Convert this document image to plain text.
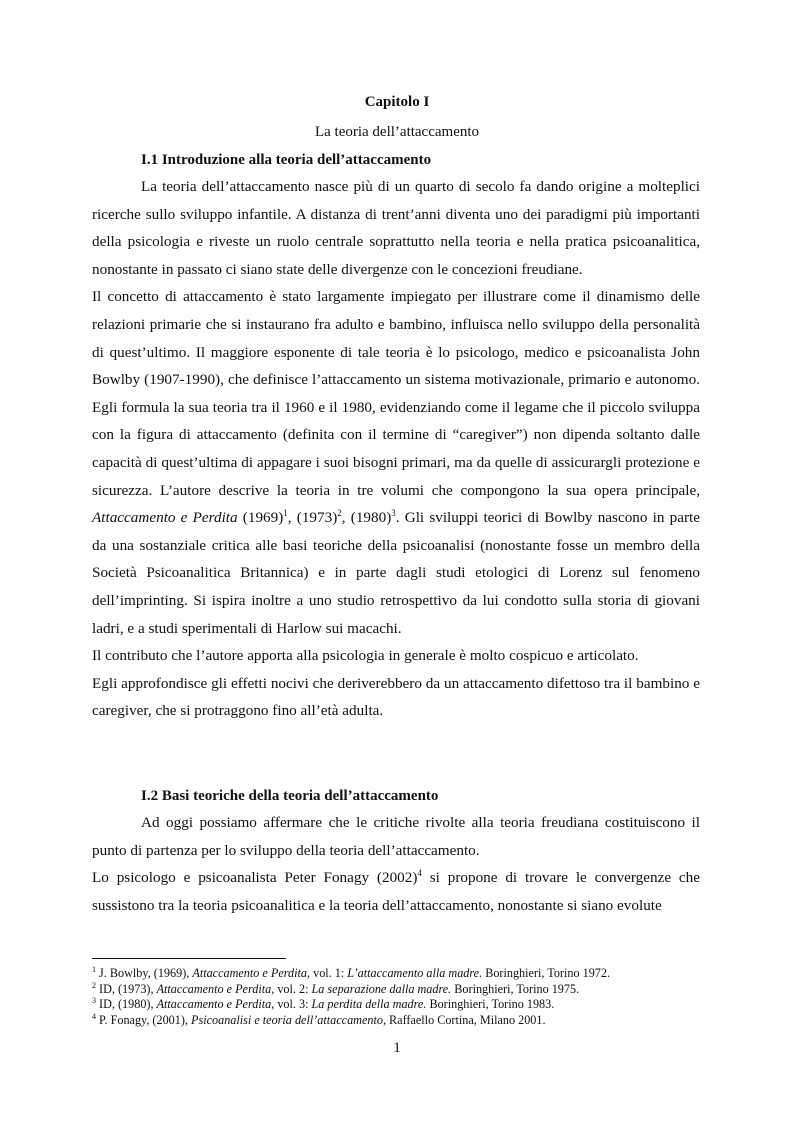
Capitolo I
La teoria dell’attaccamento
I.1 Introduzione alla teoria dell’attaccamento

La teoria dell’attaccamento nasce più di un quarto di secolo fa dando origine a molteplici ricerche sullo sviluppo infantile. A distanza di trent’anni diventa uno dei paradigmi più importanti della psicologia e riveste un ruolo centrale soprattutto nella teoria e nella pratica psicoanalitica, nonostante in passato ci siano state delle divergenze con le concezioni freudiane.

Il concetto di attaccamento è stato largamente impiegato per illustrare come il dinamismo delle relazioni primarie che si instaurano fra adulto e bambino, influisca nello sviluppo della personalità di quest’ultimo. Il maggiore esponente di tale teoria è lo psicologo, medico e psicoanalista John Bowlby (1907-1990), che definisce l’attaccamento un sistema motivazionale, primario e autonomo. Egli formula la sua teoria tra il 1960 e il 1980, evidenziando come il legame che il piccolo sviluppa con la figura di attaccamento (definita con il termine di “caregiver”) non dipenda soltanto dalle capacità di quest’ultima di appagare i suoi bisogni primari, ma da quelle di assicurargli protezione e sicurezza. L’autore descrive la teoria in tre volumi che compongono la sua opera principale, Attaccamento e Perdita $(1969)^1$, $(1973)^2$, $(1980)^3$. Gli sviluppi teorici di Bowlby nascono in parte da una sostanziale critica alle basi teoriche della psicoanalisi (nonostante fosse un membro della Società Psicoanalitica Britannica) e in parte dagli studi etologici di Lorenz sul fenomeno dell’imprinting. Si ispira inoltre a uno studio retrospettivo da lui condotto sulla storia di giovani ladri, e a studi sperimentali di Harlow sui macachi.

Il contributo che l’autore apporta alla psicologia in generale è molto cospicuo e articolato.

Egli approfondisce gli effetti nocivi che deriverebbero da un attaccamento difettoso tra il bambino e caregiver, che si protraggono fino all’età adulta.

I.2 Basi teoriche della teoria dell’attaccamento

Ad oggi possiamo affermare che le critiche rivolte alla teoria freudiana costituiscono il punto di partenza per lo sviluppo della teoria dell’attaccamento.

Lo psicologo e psicoanalista Peter Fonagy $(2002)^4$ si propone di trovare le convergenze che sussistono tra la teoria psicoanalitica e la teoria dell’attaccamento, nonostante si siano evolute

$^1$ J. Bowlby, (1969), Attaccamento e Perdita, vol. 1: L’attaccamento alla madre. Boringhieri, Torino 1972.
$^2$ ID, (1973), Attaccamento e Perdita, vol. 2: La separazione dalla madre. Boringhieri, Torino 1975.
$^3$ ID, (1980), Attaccamento e Perdita, vol. 3: La perdita della madre. Boringhieri, Torino 1983.
$^4$ P. Fonagy, (2001), Psicoanalisi e teoria dell’attaccamento, Raffaello Cortina, Milano 2001.
1
